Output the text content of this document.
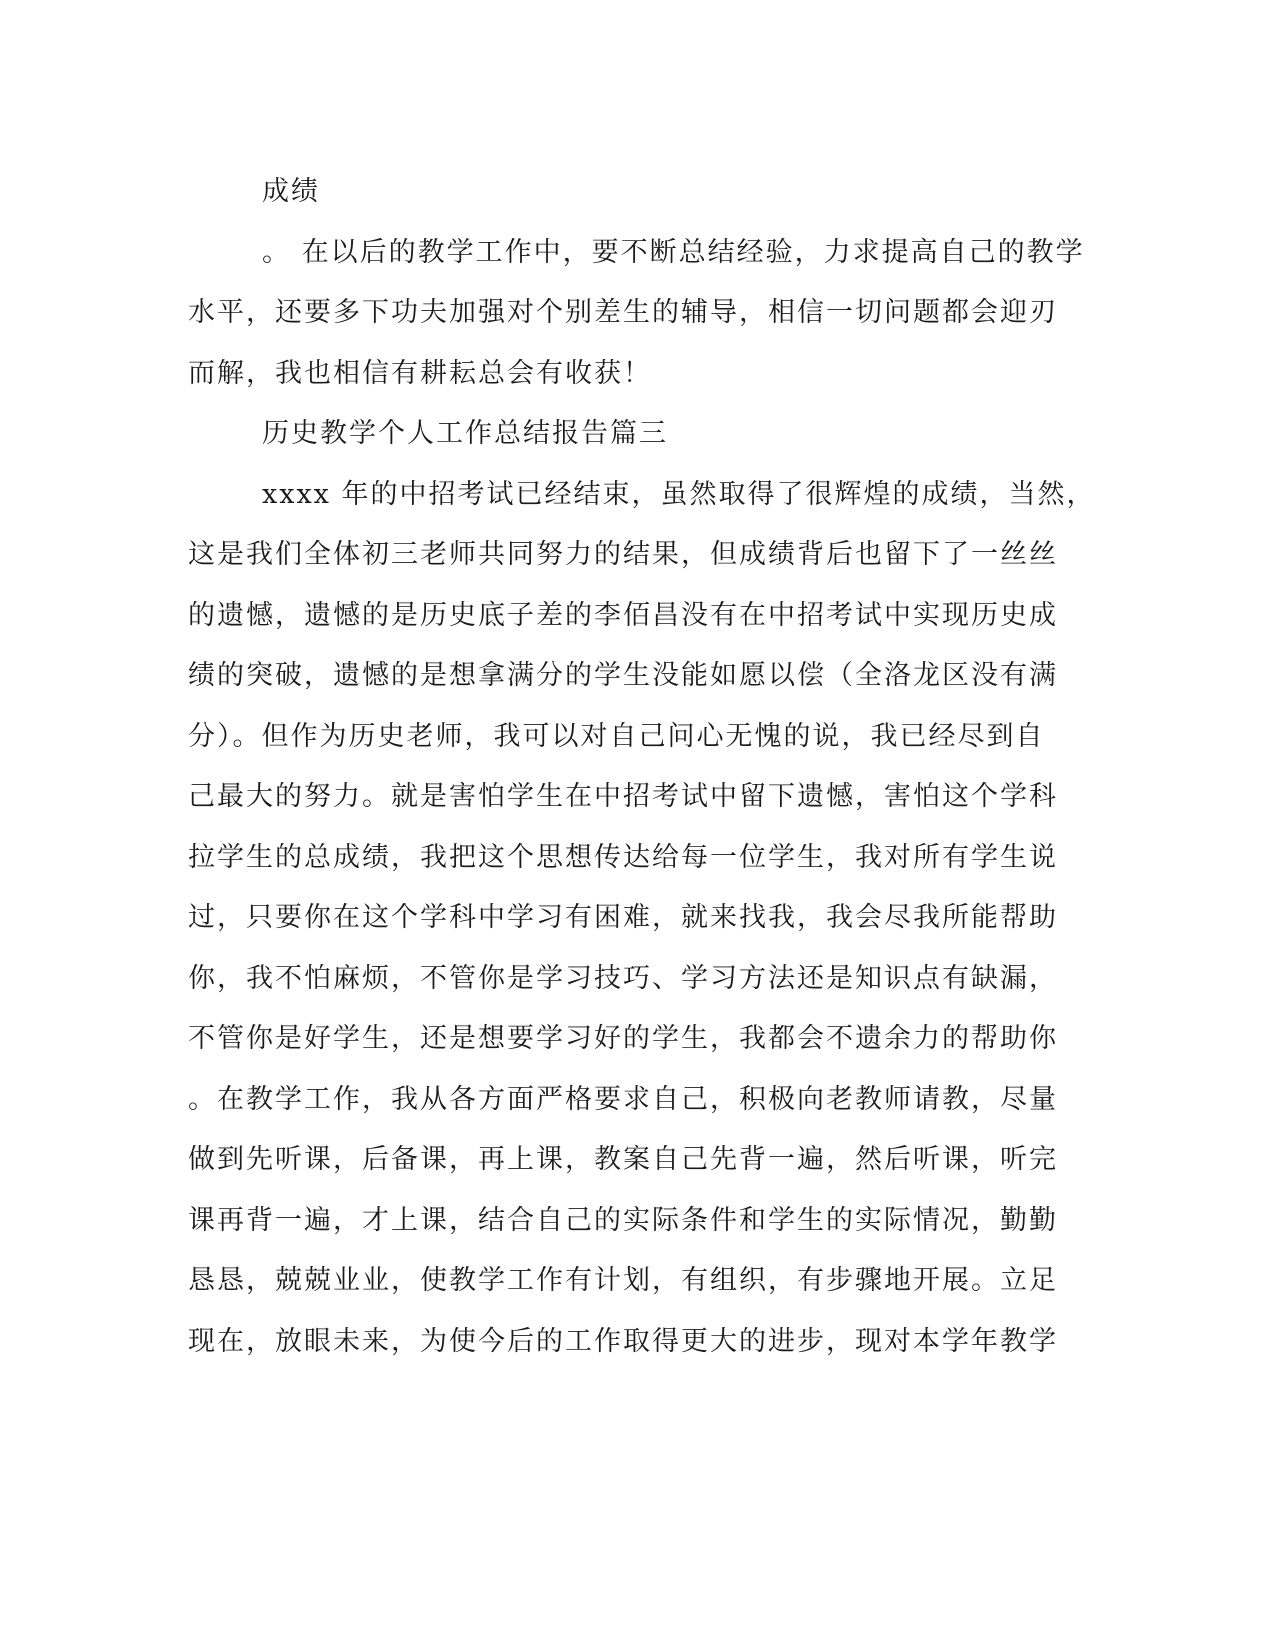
成绩
。 在以后的教学工作中，要不断总结经验，力求提高自己的教学
水平，还要多下功夫加强对个别差生的辅导，相信一切问题都会迎刃
而解，我也相信有耕耘总会有收获！
历史教学个人工作总结报告篇三
xxxx 年的中招考试已经结束，虽然取得了很辉煌的成绩，当然，
这是我们全体初三老师共同努力的结果，但成绩背后也留下了一丝丝
的遗憾，遗憾的是历史底子差的李佰昌没有在中招考试中实现历史成
绩的突破，遗憾的是想拿满分的学生没能如愿以偿（全洛龙区没有满
分）。但作为历史老师，我可以对自己问心无愧的说，我已经尽到自
己最大的努力。就是害怕学生在中招考试中留下遗憾，害怕这个学科
拉学生的总成绩，我把这个思想传达给每一位学生，我对所有学生说
过，只要你在这个学科中学习有困难，就来找我，我会尽我所能帮助
你，我不怕麻烦，不管你是学习技巧、学习方法还是知识点有缺漏，
不管你是好学生，还是想要学习好的学生，我都会不遗余力的帮助你
。在教学工作，我从各方面严格要求自己，积极向老教师请教，尽量
做到先听课，后备课，再上课，教案自己先背一遍，然后听课，听完
课再背一遍，才上课，结合自己的实际条件和学生的实际情况，勤勤
恳恳，兢兢业业，使教学工作有计划，有组织，有步骤地开展。立足
现在，放眼未来，为使今后的工作取得更大的进步，现对本学年教学
